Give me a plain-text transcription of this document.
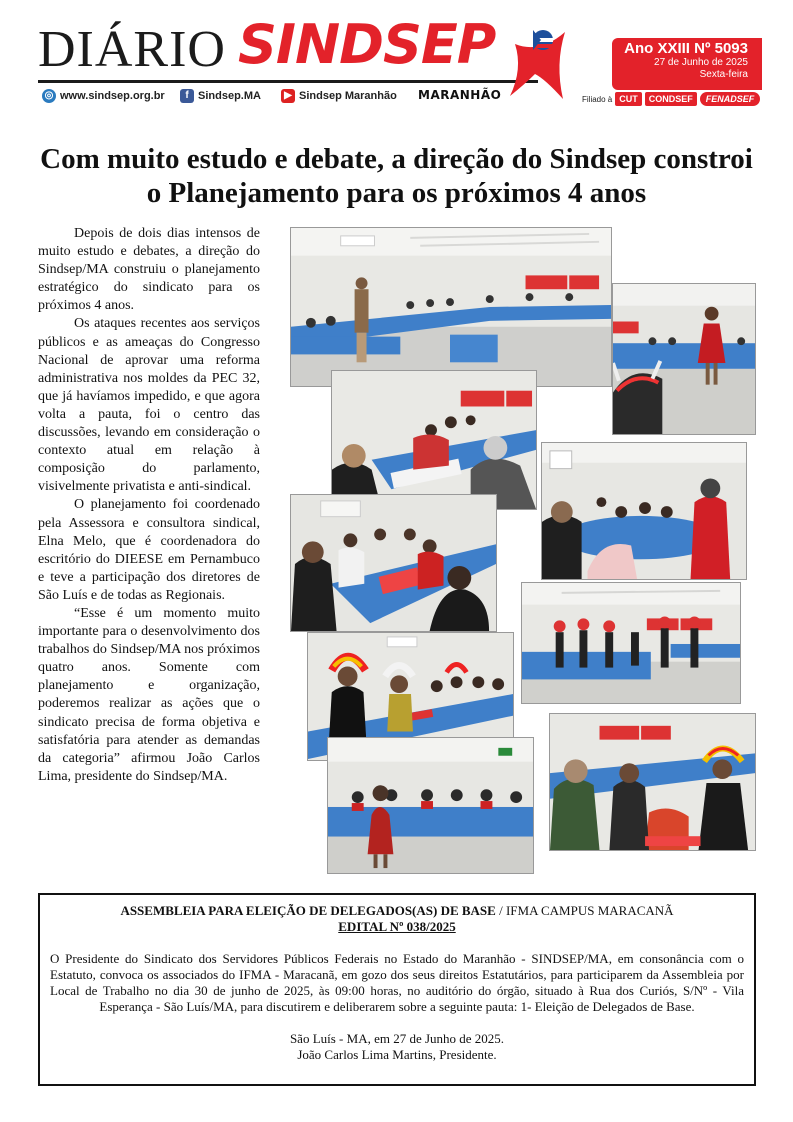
DIÁRIO SINDSEP
MARANHÃO
◎ www.sindsep.org.br	f Sindsep.MA	▶ Sindsep Maranhão
Ano XXIII Nº 5093
27 de Junho de 2025
Sexta-feira
Filiado à CUT	CONDSEF	FENADSEF
Com muito estudo e debate, a direção do Sindsep constroi o Planejamento para os próximos 4 anos

Depois de dois dias intensos de muito estudo e debates, a direção do Sindsep/MA construiu o planejamento estratégico do sindicato para os próximos 4 anos.

Os ataques recentes aos serviços públicos e as ameaças do Congresso Nacional de aprovar uma reforma administrativa nos moldes da PEC 32, que já havíamos impedido, e que agora volta a pauta, foi o centro das discussões, levando em consideração o contexto atual em relação à composição do parlamento, visivelmente privatista e anti-sindical.

O planejamento foi coordenado pela Assessora e consultora sindical, Elna Melo, que é coordenadora do escritório do DIEESE em Pernambuco e teve a participação dos diretores de São Luís e de todas as Regionais.

“Esse é um momento muito importante para o desenvolvimento dos trabalhos do Sindsep/MA nos próximos quatro anos. Somente com planejamento e organização, poderemos realizar as ações que o sindicato precisa de forma objetiva e satisfatória para atender as demandas da categoria” afirmou João Carlos Lima, presidente do Sindsep/MA.

ASSEMBLEIA PARA ELEIÇÃO DE DELEGADOS(AS) DE BASE / IFMA CAMPUS MARACANÃ
EDITAL Nº 038/2025
O Presidente do Sindicato dos Servidores Públicos Federais no Estado do Maranhão - SINDSEP/MA, em consonância com o Estatuto, convoca os associados do IFMA - Maracanã, em gozo dos seus direitos Estatutários, para participarem da Assembleia por Local de Trabalho no dia 30 de junho de 2025, às 09:00 horas, no auditório do órgão, situado à Rua dos Curiós, S/Nº - Vila Esperança - São Luís/MA, para discutirem e deliberarem sobre a seguinte pauta: 1- Eleição de Delegados de Base.
São Luís - MA, em 27 de Junho de 2025.
João Carlos Lima Martins, Presidente.
